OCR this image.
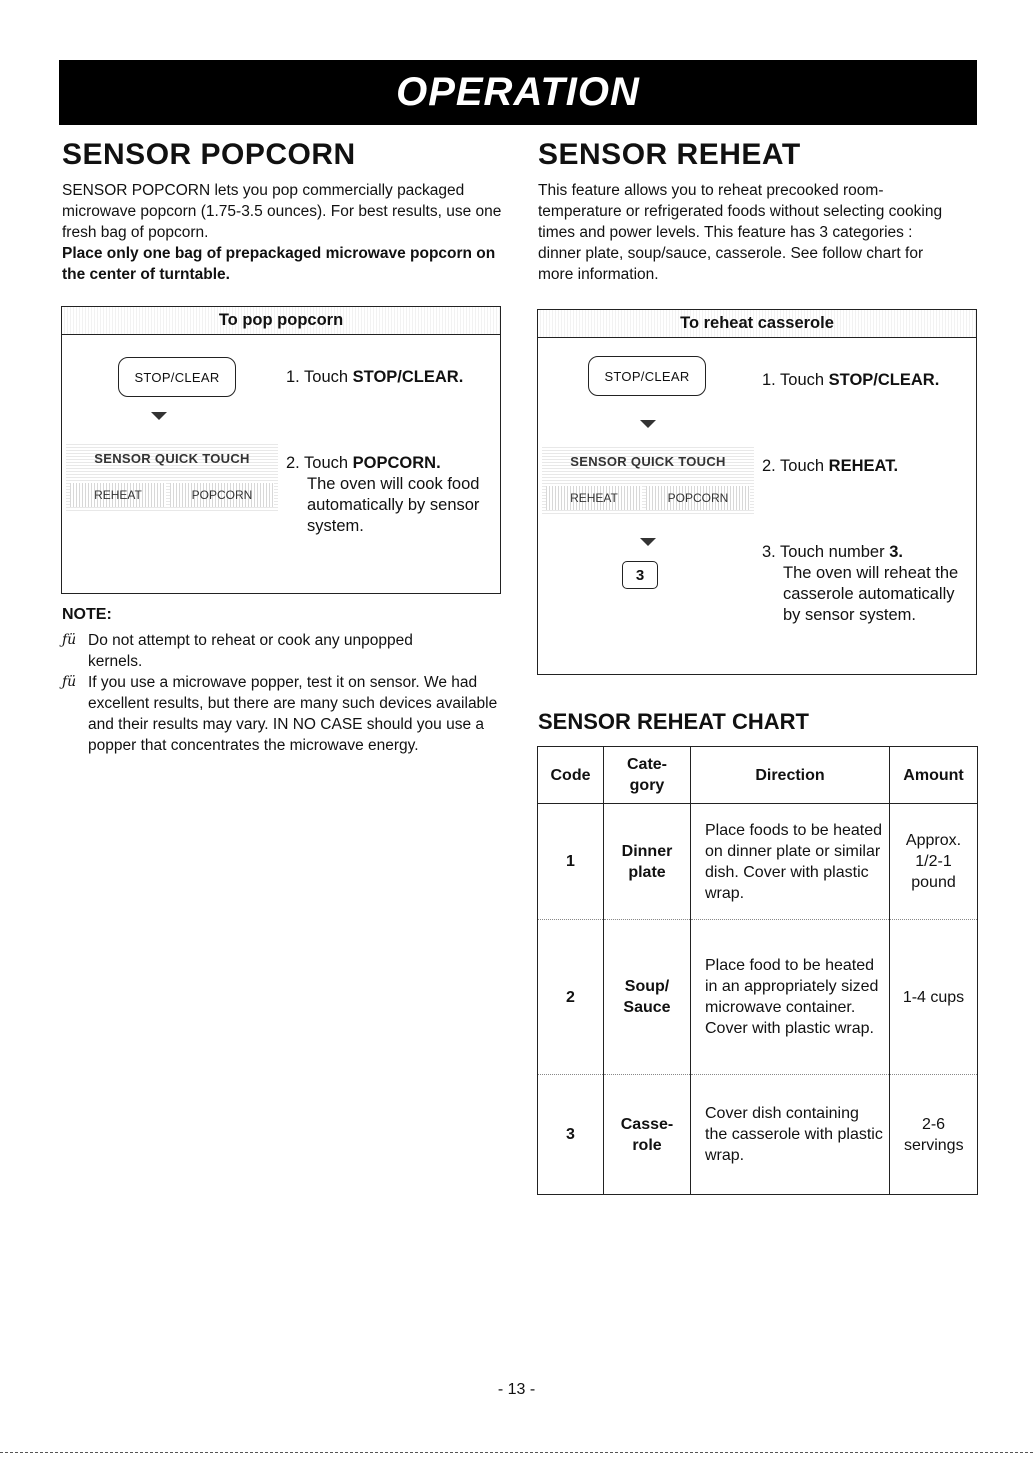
OPERATION
SENSOR POPCORN
SENSOR POPCORN lets you pop commercially packaged microwave popcorn (1.75-3.5 ounces). For best results, use one fresh bag of popcorn.
Place only one bag of prepackaged microwave popcorn on the center of turntable.
To pop popcorn
STOP/CLEAR
SENSOR QUICK TOUCH
REHEAT	POPCORN
1. Touch STOP/CLEAR.
2. Touch POPCORN.
The oven will cook food automatically by sensor system.
NOTE:
ƒü Do not attempt to reheat or cook any unpopped kernels.
ƒü If you use a microwave popper, test it on sensor. We had excellent results, but there are many such devices available and their results may vary. IN NO CASE should you use a popper that concentrates the microwave energy.
SENSOR REHEAT
This feature allows you to reheat precooked room-temperature or refrigerated foods without selecting cooking times and power levels. This feature has 3 categories : dinner plate, soup/sauce, casserole. See follow chart for more information.
To reheat casserole
STOP/CLEAR
SENSOR QUICK TOUCH
REHEAT	POPCORN
3
1. Touch STOP/CLEAR.
2. Touch REHEAT.
3. Touch number 3.
The oven will reheat the casserole automatically by sensor system.
SENSOR REHEAT CHART
Code	Cate-gory	Direction	Amount
1	Dinner plate	Place foods to be heated on dinner plate or similar dish. Cover with plastic wrap.	Approx. 1/2-1 pound
2	Soup/ Sauce	Place food to be heated in an appropriately sized microwave container. Cover with plastic wrap.	1-4 cups
3	Casse-role	Cover dish containing the casserole with plastic wrap.	2-6 servings
- 13 -
